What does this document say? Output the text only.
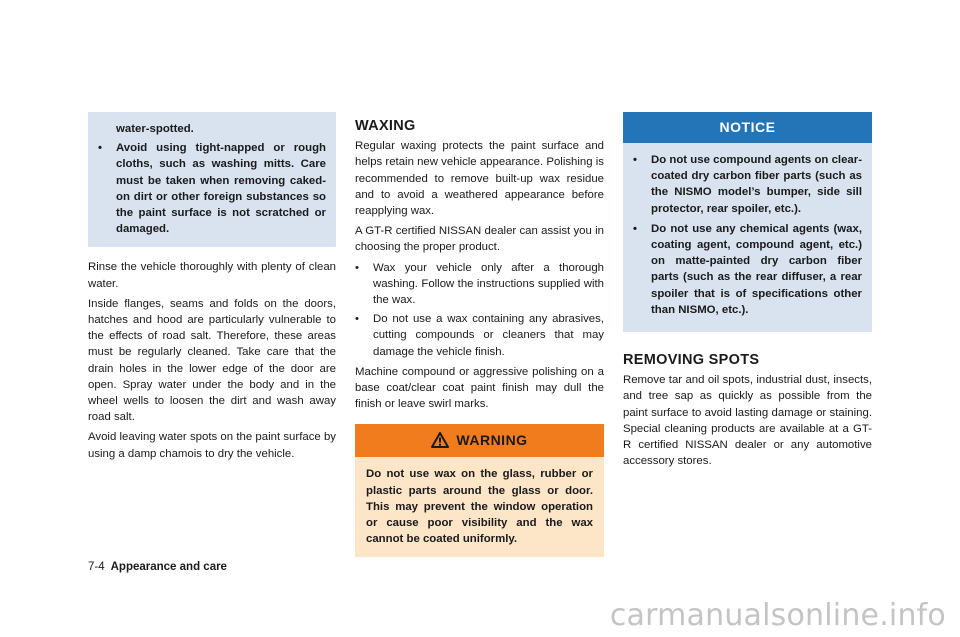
water-spotted.
•	Avoid using tight-napped or rough cloths, such as washing mitts. Care must be taken when removing caked-on dirt or other foreign substances so the paint surface is not scratched or damaged.

Rinse the vehicle thoroughly with plenty of clean water.

Inside flanges, seams and folds on the doors, hatches and hood are particularly vulnerable to the effects of road salt. Therefore, these areas must be regularly cleaned. Take care that the drain holes in the lower edge of the door are open. Spray water under the body and in the wheel wells to loosen the dirt and wash away road salt.

Avoid leaving water spots on the paint surface by using a damp chamois to dry the vehicle.

WAXING

Regular waxing protects the paint surface and helps retain new vehicle appearance. Polishing is recommended to remove built-up wax residue and to avoid a weathered appearance before reapplying wax.

A GT-R certified NISSAN dealer can assist you in choosing the proper product.

•	Wax your vehicle only after a thorough washing. Follow the instructions supplied with the wax.
•	Do not use a wax containing any abrasives, cutting compounds or cleaners that may damage the vehicle finish.

Machine compound or aggressive polishing on a base coat/clear coat paint finish may dull the finish or leave swirl marks.

WARNING
Do not use wax on the glass, rubber or plastic parts around the glass or door. This may prevent the window operation or cause poor visibility and the wax cannot be coated uniformly.
NOTICE
•	Do not use compound agents on clear-coated dry carbon fiber parts (such as the NISMO model’s bumper, side sill protector, rear spoiler, etc.).
•	Do not use any chemical agents (wax, coating agent, compound agent, etc.) on matte-painted dry carbon fiber parts (such as the rear diffuser, a rear spoiler that is of specifications other than NISMO, etc.).
REMOVING SPOTS

Remove tar and oil spots, industrial dust, insects, and tree sap as quickly as possible from the paint surface to avoid lasting damage or staining. Special cleaning products are available at a GT-R certified NISSAN dealer or any automotive accessory stores.

7-4 Appearance and care
carmanualsonline.info
